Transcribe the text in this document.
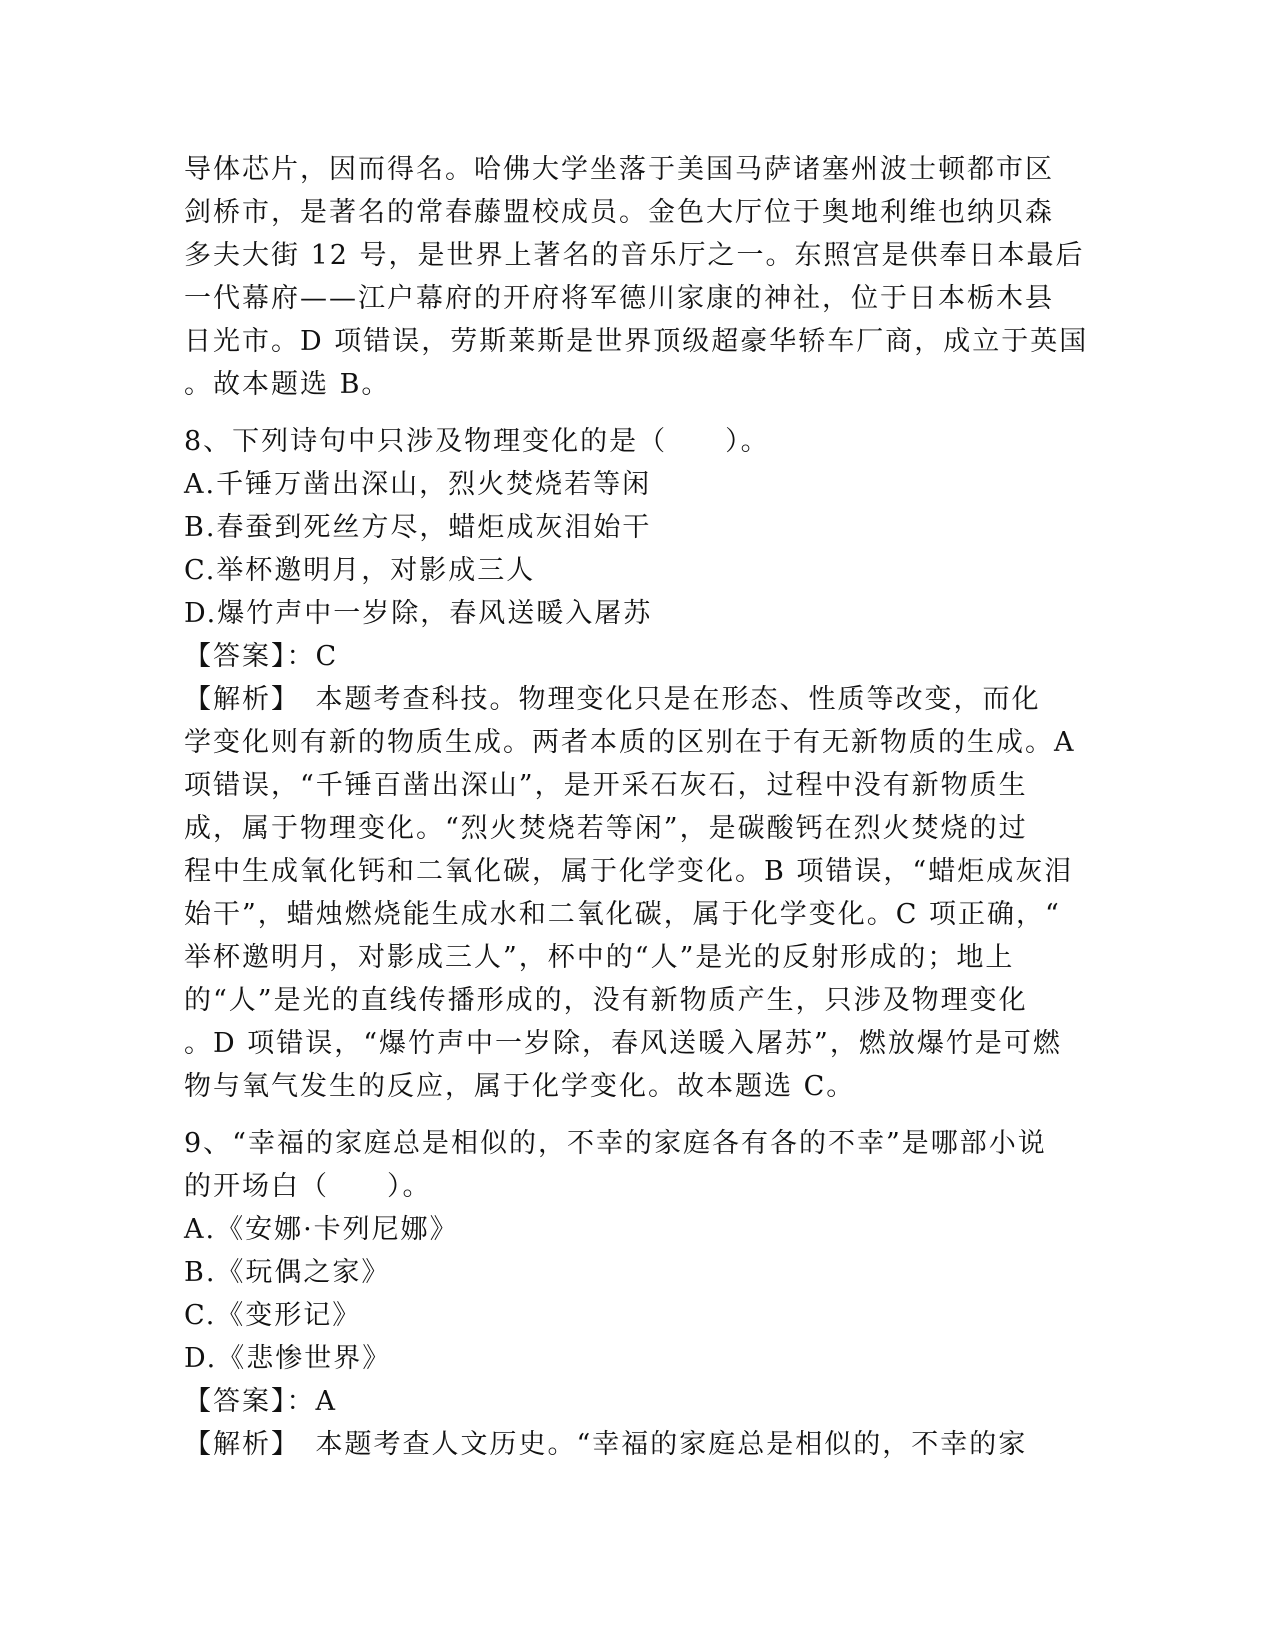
导体芯片，因而得名。哈佛大学坐落于美国马萨诸塞州波士顿都市区
剑桥市，是著名的常春藤盟校成员。金色大厅位于奥地利维也纳贝森
多夫大街 12 号，是世界上著名的音乐厅之一。东照宫是供奉日本最后
一代幕府——江户幕府的开府将军德川家康的神社，位于日本栃木县
日光市。D 项错误，劳斯莱斯是世界顶级超豪华轿车厂商，成立于英国
。故本题选 B。
8、下列诗句中只涉及物理变化的是（　　）。
A.千锤万凿出深山，烈火焚烧若等闲
B.春蚕到死丝方尽，蜡炬成灰泪始干
C.举杯邀明月，对影成三人
D.爆竹声中一岁除，春风送暖入屠苏
【答案】：C
【解析】　本题考查科技。物理变化只是在形态、性质等改变，而化
学变化则有新的物质生成。两者本质的区别在于有无新物质的生成。A
项错误，“千锤百凿出深山”，是开采石灰石，过程中没有新物质生
成，属于物理变化。“烈火焚烧若等闲”，是碳酸钙在烈火焚烧的过
程中生成氧化钙和二氧化碳，属于化学变化。B 项错误，“蜡炬成灰泪
始干”，蜡烛燃烧能生成水和二氧化碳，属于化学变化。C 项正确，“
举杯邀明月，对影成三人”，杯中的“人”是光的反射形成的；地上
的“人”是光的直线传播形成的，没有新物质产生，只涉及物理变化
。D 项错误，“爆竹声中一岁除，春风送暖入屠苏”，燃放爆竹是可燃
物与氧气发生的反应，属于化学变化。故本题选 C。
9、“幸福的家庭总是相似的，不幸的家庭各有各的不幸”是哪部小说
的开场白（　　）。
A.《安娜·卡列尼娜》
B.《玩偶之家》
C.《变形记》
D.《悲惨世界》
【答案】：A
【解析】　本题考查人文历史。“幸福的家庭总是相似的，不幸的家
